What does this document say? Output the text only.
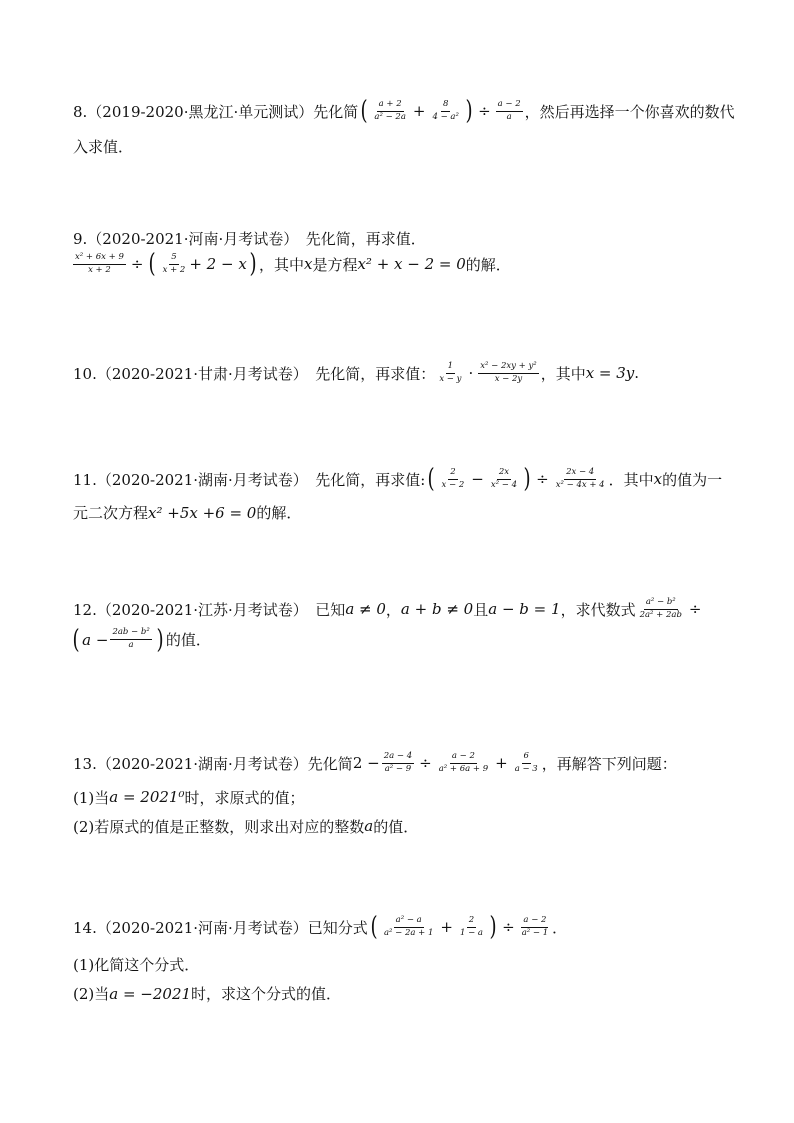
8.（2019-2020·黑龙江·单元测试）先化简 ( $\frac{a + 2}{\text{a² − 2a}} + \frac{8}{\text{4 − a²}}$ ) ÷ $\frac{a - 2}{a}$ ，然后再选择一个你喜欢的数代
入求值．
9.（2020-2021·河南·月考试卷）　先化简，再求值．
$\frac{\text{x² + 6x + 9}}{x + 2}$ ÷ ( $\frac{5}{x + 2} + 2 - x$ ) ，其中 x 是方程 x² + x − 2 = 0 的解．
10.（2020-2021·甘肃·月考试卷）　先化简，再求值： $\frac{1}{x - y} \cdot \frac{\text{x² − 2xy + y²}}{x - 2y}$ ，其中 x = 3y .
11.（2020-2021·湖南·月考试卷）　先化简，再求值: ( $\frac{2}{x - 2} - \frac{2x}{\text{x² − 4}}$ ) ÷ $\frac{2x - 4}{\text{x² − 4x + 4}}$ ．其中 x 的值为一
元二次方程 x² +5x +6 = 0 的解．
12.（2020-2021·江苏·月考试卷）　已知 a ≠ 0 ， a + b ≠ 0 且 a − b = 1 ，求代数式 $\frac{\text{a² − b²}}{\text{2a² + 2ab}}$ ÷
( $a - \frac{\text{2ab − b²}}{a}$ ) 的值．
13.（2020-2021·湖南·月考试卷）先化简 $2 - \frac{2a - 4}{\text{a² − 9}} \div \frac{a - 2}{\text{a² + 6a + 9}} + \frac{6}{a - 3}$ ，再解答下列问题：
(1)当 a = 2021⁰ 时，求原式的值；
(2)若原式的值是正整数，则求出对应的整数 a 的值．
14.（2020-2021·河南·月考试卷）已知分式 ( $\frac{\text{a² − a}}{\text{a² − 2a + 1}} + \frac{2}{1 - a}$ ) ÷ $\frac{a - 2}{\text{a² − 1}}$ ．
(1)化简这个分式．
(2)当 a = −2021 时，求这个分式的值．
